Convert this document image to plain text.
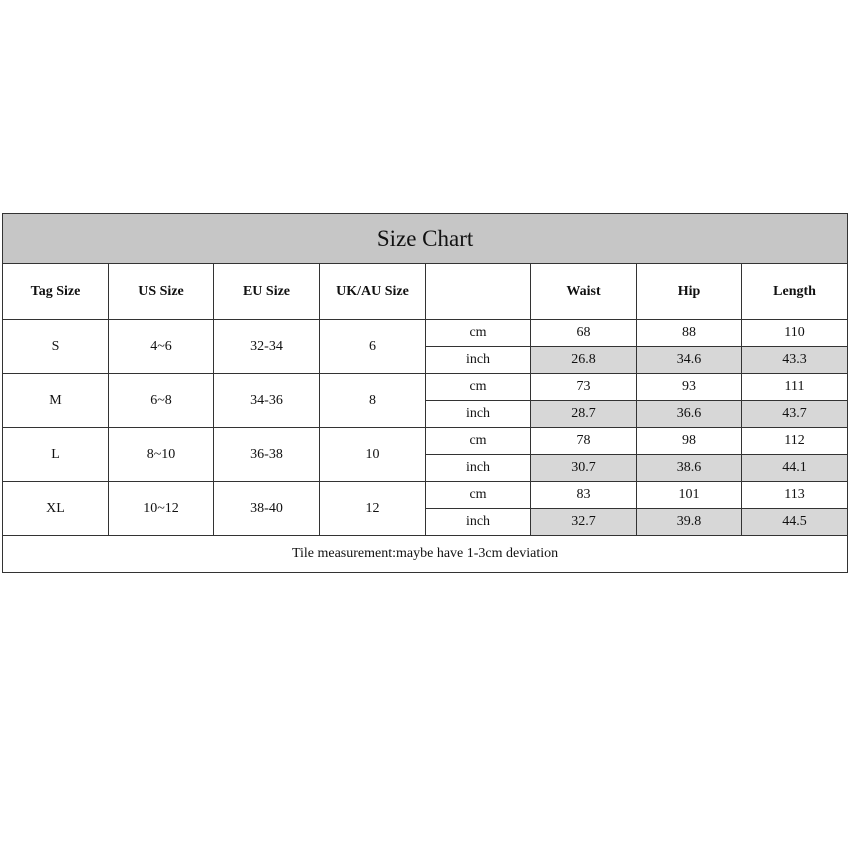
Size Chart							
Tag Size	US Size	EU Size	UK/AU Size		Waist	Hip	Length
S	4~6	32-34	6	cm	68	88	110
				inch	26.8	34.6	43.3
M	6~8	34-36	8	cm	73	93	111
				inch	28.7	36.6	43.7
L	8~10	36-38	10	cm	78	98	112
				inch	30.7	38.6	44.1
XL	10~12	38-40	12	cm	83	101	113
				inch	32.7	39.8	44.5
Tile measurement:maybe have 1-3cm deviation							
